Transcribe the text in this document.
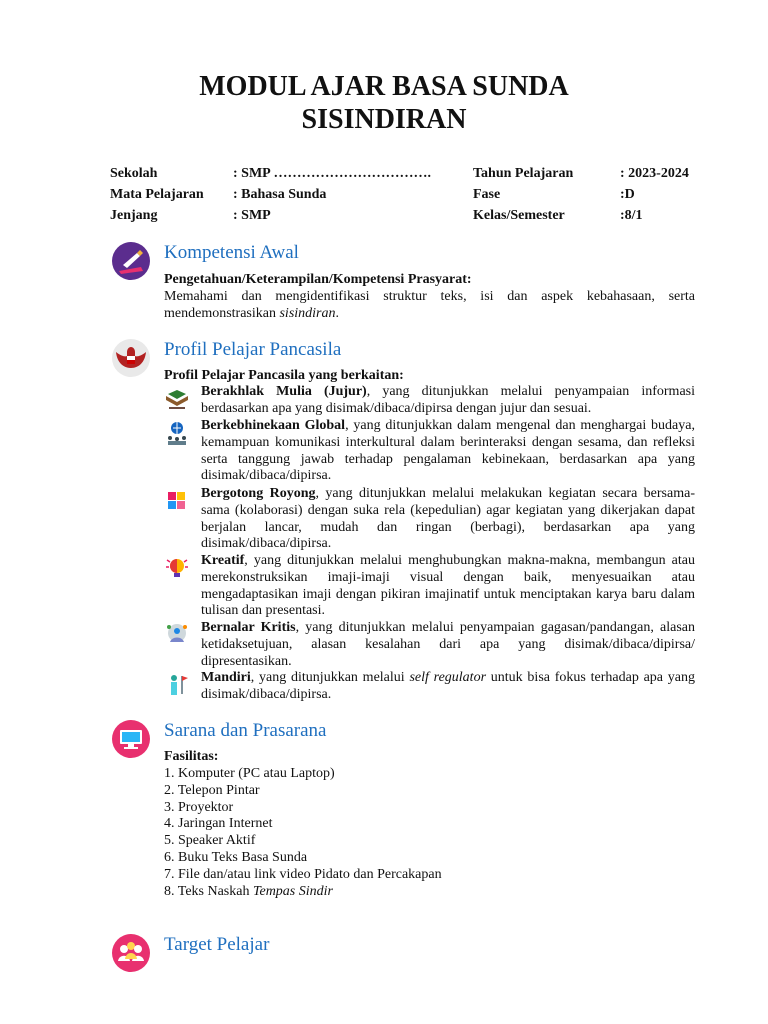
MODUL AJAR BASA SUNDA
SISINDIRAN
Sekolah	: SMP …………………………….	Tahun Pelajaran	: 2023-2024
Mata Pelajaran : Bahasa Sunda	Fase	:D
Jenjang	: SMP	Kelas/Semester	:8/1
Kompetensi Awal
Pengetahuan/Keterampilan/Kompetensi Prasyarat:
Memahami dan mengidentifikasi struktur teks, isi dan aspek kebahasaan, serta mendemonstrasikan sisindiran.
Profil Pelajar Pancasila
Profil Pelajar Pancasila yang berkaitan:
Berakhlak Mulia (Jujur), yang ditunjukkan melalui penyampaian informasi berdasarkan apa yang disimak/dibaca/dipirsa dengan jujur dan sesuai.
Berkebhinekaan Global, yang ditunjukkan dalam mengenal dan menghargai budaya, kemampuan komunikasi interkultural dalam berinteraksi dengan sesama, dan refleksi serta tanggung jawab terhadap pengalaman kebinekaan, berdasarkan apa yang disimak/dibaca/dipirsa.
Bergotong Royong, yang ditunjukkan melalui melakukan kegiatan secara bersama-sama (kolaborasi) dengan suka rela (kepedulian) agar kegiatan yang dikerjakan dapat berjalan lancar, mudah dan ringan (berbagi), berdasarkan apa yang disimak/dibaca/dipirsa.
Kreatif, yang ditunjukkan melalui menghubungkan makna-makna, membangun atau merekonstruksikan imaji-imaji visual dengan baik, menyesuaikan atau mengadaptasikan imaji dengan pikiran imajinatif untuk menciptakan karya baru dalam tulisan dan presentasi.
Bernalar Kritis, yang ditunjukkan melalui penyampaian gagasan/pandangan, alasan ketidaksetujuan, alasan kesalahan dari apa yang disimak/dibaca/dipirsa/ dipresentasikan.
Mandiri, yang ditunjukkan melalui self regulator untuk bisa fokus terhadap apa yang disimak/dibaca/dipirsa.
Sarana dan Prasarana
Fasilitas:
1. Komputer (PC atau Laptop)
2. Telepon Pintar
3. Proyektor
4. Jaringan Internet
5. Speaker Aktif
6. Buku Teks Basa Sunda
7. File dan/atau link video Pidato dan Percakapan
8. Teks Naskah Tempas Sindir
Target Pelajar
